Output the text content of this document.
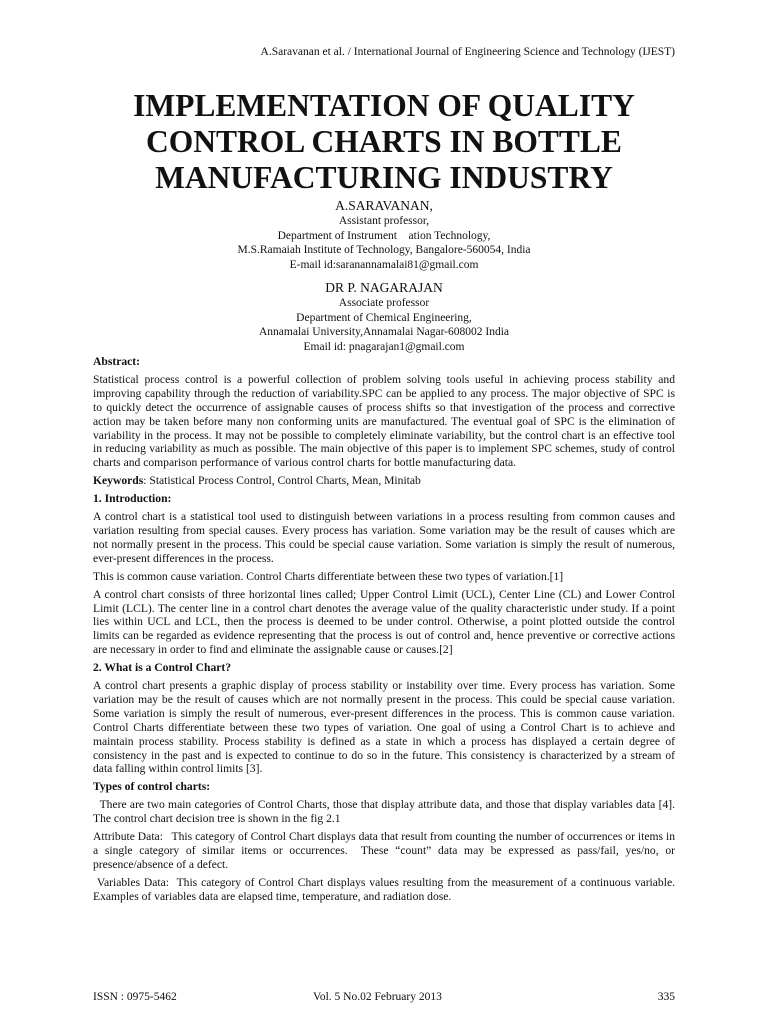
A.Saravanan et al. / International Journal of Engineering Science and Technology (IJEST)
IMPLEMENTATION OF QUALITY
CONTROL CHARTS IN BOTTLE
MANUFACTURING INDUSTRY
A.SARAVANAN,
Assistant professor,
Department of Instrument    ation Technology,
M.S.Ramaiah Institute of Technology, Bangalore-560054, India
E-mail id:saranannamalai81@gmail.com
DR P. NAGARAJAN
Associate professor
Department of Chemical Engineering,
Annamalai University,Annamalai Nagar-608002 India
Email id: pnagarajan1@gmail.com

Abstract:

Statistical process control is a powerful collection of problem solving tools useful in achieving process stability and improving capability through the reduction of variability.SPC can be applied to any process. The major objective of SPC is to quickly detect the occurrence of assignable causes of process shifts so that investigation of the process and corrective action may be taken before many non conforming units are manufactured. The eventual goal of SPC is the elimination of variability in the process. It may not be possible to completely eliminate variability, but the control chart is an effective tool in reducing variability as much as possible. The main objective of this paper is to implement SPC schemes, study of control charts and comparison performance of various control charts for bottle manufacturing data.

Keywords: Statistical Process Control, Control Charts, Mean, Minitab

1. Introduction:

A control chart is a statistical tool used to distinguish between variations in a process resulting from common causes and variation resulting from special causes. Every process has variation. Some variation may be the result of causes which are not normally present in the process. This could be special cause variation. Some variation is simply the result of numerous, ever-present differences in the process.

This is common cause variation. Control Charts differentiate between these two types of variation.[1]

A control chart consists of three horizontal lines called; Upper Control Limit (UCL), Center Line (CL) and Lower Control Limit (LCL). The center line in a control chart denotes the average value of the quality characteristic under study. If a point lies within UCL and LCL, then the process is deemed to be under control. Otherwise, a point plotted outside the control limits can be regarded as evidence representing that the process is out of control and, hence preventive or corrective actions are necessary in order to find and eliminate the assignable cause or causes.[2]

2. What is a Control Chart?

A control chart presents a graphic display of process stability or instability over time. Every process has variation. Some variation may be the result of causes which are not normally present in the process. This could be special cause variation. Some variation is simply the result of numerous, ever-present differences in the process. This is common cause variation. Control Charts differentiate between these two types of variation. One goal of using a Control Chart is to achieve and maintain process stability. Process stability is defined as a state in which a process has displayed a certain degree of consistency in the past and is expected to continue to do so in the future. This consistency is characterized by a stream of data falling within control limits [3].

Types of control charts:

There are two main categories of Control Charts, those that display attribute data, and those that display variables data [4]. The control chart decision tree is shown in the fig 2.1

Attribute Data:   This category of Control Chart displays data that result from counting the number of occurrences or items in a single category of similar items or occurrences.  These “count” data may be expressed as pass/fail, yes/no, or presence/absence of a defect.

Variables Data:  This category of Control Chart displays values resulting from the measurement of a continuous variable.  Examples of variables data are elapsed time, temperature, and radiation dose.

ISSN : 0975-5462	Vol. 5 No.02 February 2013	335
